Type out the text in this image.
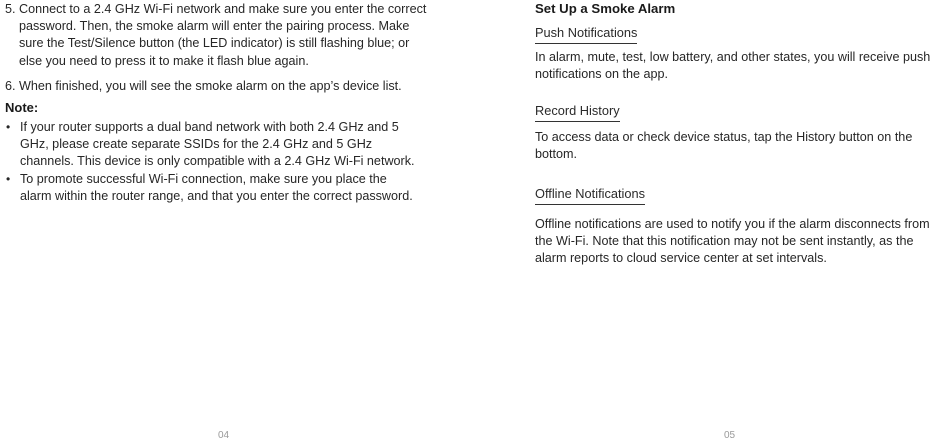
5. Connect to a 2.4 GHz Wi-Fi network and make sure you enter the correct password. Then, the smoke alarm will enter the pairing process. Make sure the Test/Silence button (the LED indicator) is still flashing blue; or else you need to press it to make it flash blue again.
6. When finished, you will see the smoke alarm on the app’s device list.
Note:
• If your router supports a dual band network with both 2.4 GHz and 5 GHz, please create separate SSIDs for the 2.4 GHz and 5 GHz channels. This device is only compatible with a 2.4 GHz Wi-Fi network.
• To promote successful Wi-Fi connection, make sure you place the alarm within the router range, and that you enter the correct password.
04
Set Up a Smoke Alarm
Push Notifications
In alarm, mute, test, low battery, and other states, you will receive push notifications on the app.
Record History
To access data or check device status, tap the History button on the bottom.
Offline Notifications
Offline notifications are used to notify you if the alarm disconnects from the Wi-Fi. Note that this notification may not be sent instantly, as the alarm reports to cloud service center at set intervals.
05
